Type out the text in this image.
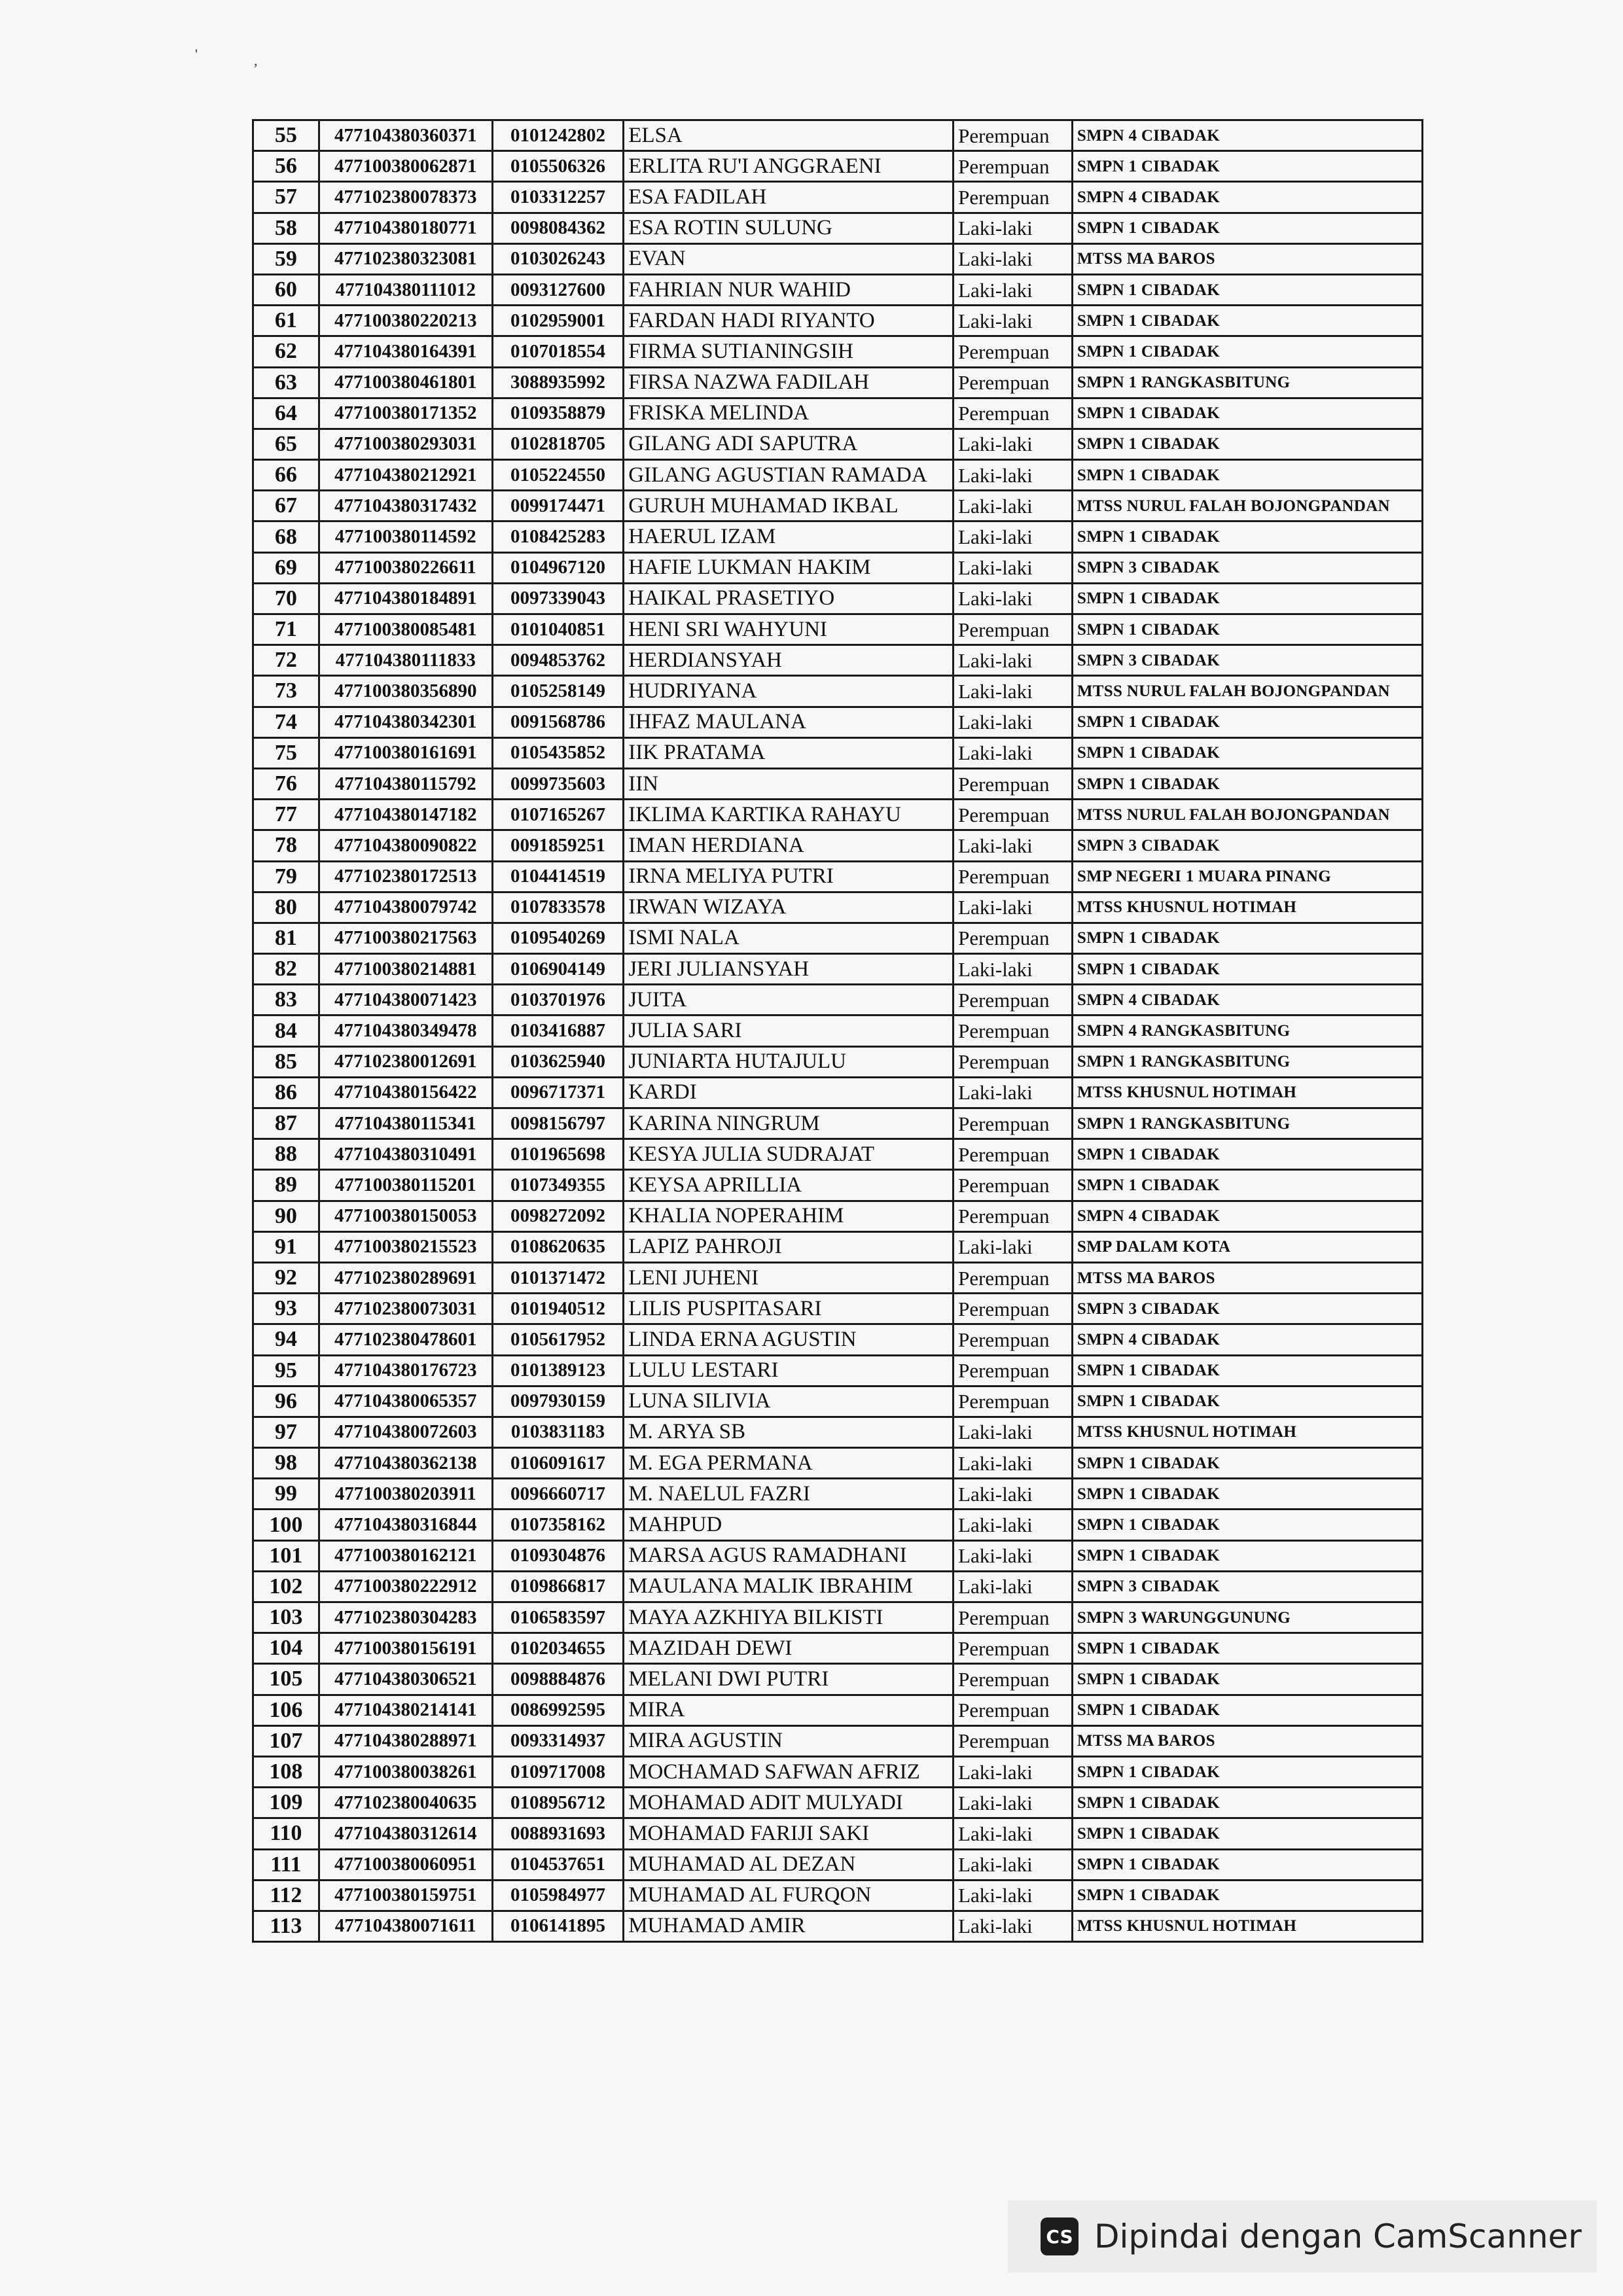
'	,
55	477104380360371	0101242802	ELSA	Perempuan	SMPN 4 CIBADAK
56	477100380062871	0105506326	ERLITA RU'I ANGGRAENI	Perempuan	SMPN 1 CIBADAK
57	477102380078373	0103312257	ESA FADILAH	Perempuan	SMPN 4 CIBADAK
58	477104380180771	0098084362	ESA ROTIN SULUNG	Laki-laki	SMPN 1 CIBADAK
59	477102380323081	0103026243	EVAN	Laki-laki	MTSS MA BAROS
60	477104380111012	0093127600	FAHRIAN NUR WAHID	Laki-laki	SMPN 1 CIBADAK
61	477100380220213	0102959001	FARDAN HADI RIYANTO	Laki-laki	SMPN 1 CIBADAK
62	477104380164391	0107018554	FIRMA SUTIANINGSIH	Perempuan	SMPN 1 CIBADAK
63	477100380461801	3088935992	FIRSA NAZWA FADILAH	Perempuan	SMPN 1 RANGKASBITUNG
64	477100380171352	0109358879	FRISKA MELINDA	Perempuan	SMPN 1 CIBADAK
65	477100380293031	0102818705	GILANG ADI SAPUTRA	Laki-laki	SMPN 1 CIBADAK
66	477104380212921	0105224550	GILANG AGUSTIAN RAMADA	Laki-laki	SMPN 1 CIBADAK
67	477104380317432	0099174471	GURUH MUHAMAD IKBAL	Laki-laki	MTSS NURUL FALAH BOJONGPANDAN
68	477100380114592	0108425283	HAERUL IZAM	Laki-laki	SMPN 1 CIBADAK
69	477100380226611	0104967120	HAFIE LUKMAN HAKIM	Laki-laki	SMPN 3 CIBADAK
70	477104380184891	0097339043	HAIKAL PRASETIYO	Laki-laki	SMPN 1 CIBADAK
71	477100380085481	0101040851	HENI SRI WAHYUNI	Perempuan	SMPN 1 CIBADAK
72	477104380111833	0094853762	HERDIANSYAH	Laki-laki	SMPN 3 CIBADAK
73	477100380356890	0105258149	HUDRIYANA	Laki-laki	MTSS NURUL FALAH BOJONGPANDAN
74	477104380342301	0091568786	IHFAZ MAULANA	Laki-laki	SMPN 1 CIBADAK
75	477100380161691	0105435852	IIK PRATAMA	Laki-laki	SMPN 1 CIBADAK
76	477104380115792	0099735603	IIN	Perempuan	SMPN 1 CIBADAK
77	477104380147182	0107165267	IKLIMA KARTIKA RAHAYU	Perempuan	MTSS NURUL FALAH BOJONGPANDAN
78	477104380090822	0091859251	IMAN HERDIANA	Laki-laki	SMPN 3 CIBADAK
79	477102380172513	0104414519	IRNA MELIYA PUTRI	Perempuan	SMP NEGERI 1 MUARA PINANG
80	477104380079742	0107833578	IRWAN WIZAYA	Laki-laki	MTSS KHUSNUL HOTIMAH
81	477100380217563	0109540269	ISMI NALA	Perempuan	SMPN 1 CIBADAK
82	477100380214881	0106904149	JERI JULIANSYAH	Laki-laki	SMPN 1 CIBADAK
83	477104380071423	0103701976	JUITA	Perempuan	SMPN 4 CIBADAK
84	477104380349478	0103416887	JULIA SARI	Perempuan	SMPN 4 RANGKASBITUNG
85	477102380012691	0103625940	JUNIARTA HUTAJULU	Perempuan	SMPN 1 RANGKASBITUNG
86	477104380156422	0096717371	KARDI	Laki-laki	MTSS KHUSNUL HOTIMAH
87	477104380115341	0098156797	KARINA NINGRUM	Perempuan	SMPN 1 RANGKASBITUNG
88	477104380310491	0101965698	KESYA JULIA SUDRAJAT	Perempuan	SMPN 1 CIBADAK
89	477100380115201	0107349355	KEYSA APRILLIA	Perempuan	SMPN 1 CIBADAK
90	477100380150053	0098272092	KHALIA NOPERAHIM	Perempuan	SMPN 4 CIBADAK
91	477100380215523	0108620635	LAPIZ PAHROJI	Laki-laki	SMP DALAM KOTA
92	477102380289691	0101371472	LENI JUHENI	Perempuan	MTSS MA BAROS
93	477102380073031	0101940512	LILIS PUSPITASARI	Perempuan	SMPN 3 CIBADAK
94	477102380478601	0105617952	LINDA ERNA AGUSTIN	Perempuan	SMPN 4 CIBADAK
95	477104380176723	0101389123	LULU LESTARI	Perempuan	SMPN 1 CIBADAK
96	477104380065357	0097930159	LUNA SILIVIA	Perempuan	SMPN 1 CIBADAK
97	477104380072603	0103831183	M. ARYA SB	Laki-laki	MTSS KHUSNUL HOTIMAH
98	477104380362138	0106091617	M. EGA PERMANA	Laki-laki	SMPN 1 CIBADAK
99	477100380203911	0096660717	M. NAELUL FAZRI	Laki-laki	SMPN 1 CIBADAK
100	477104380316844	0107358162	MAHPUD	Laki-laki	SMPN 1 CIBADAK
101	477100380162121	0109304876	MARSA AGUS RAMADHANI	Laki-laki	SMPN 1 CIBADAK
102	477100380222912	0109866817	MAULANA MALIK IBRAHIM	Laki-laki	SMPN 3 CIBADAK
103	477102380304283	0106583597	MAYA AZKHIYA BILKISTI	Perempuan	SMPN 3 WARUNGGUNUNG
104	477100380156191	0102034655	MAZIDAH DEWI	Perempuan	SMPN 1 CIBADAK
105	477104380306521	0098884876	MELANI DWI PUTRI	Perempuan	SMPN 1 CIBADAK
106	477104380214141	0086992595	MIRA	Perempuan	SMPN 1 CIBADAK
107	477104380288971	0093314937	MIRA AGUSTIN	Perempuan	MTSS MA BAROS
108	477100380038261	0109717008	MOCHAMAD SAFWAN AFRIZ	Laki-laki	SMPN 1 CIBADAK
109	477102380040635	0108956712	MOHAMAD ADIT MULYADI	Laki-laki	SMPN 1 CIBADAK
110	477104380312614	0088931693	MOHAMAD FARIJI SAKI	Laki-laki	SMPN 1 CIBADAK
111	477100380060951	0104537651	MUHAMAD AL DEZAN	Laki-laki	SMPN 1 CIBADAK
112	477100380159751	0105984977	MUHAMAD AL FURQON	Laki-laki	SMPN 1 CIBADAK
113	477104380071611	0106141895	MUHAMAD AMIR	Laki-laki	MTSS KHUSNUL HOTIMAH
CS Dipindai dengan CamScanner
